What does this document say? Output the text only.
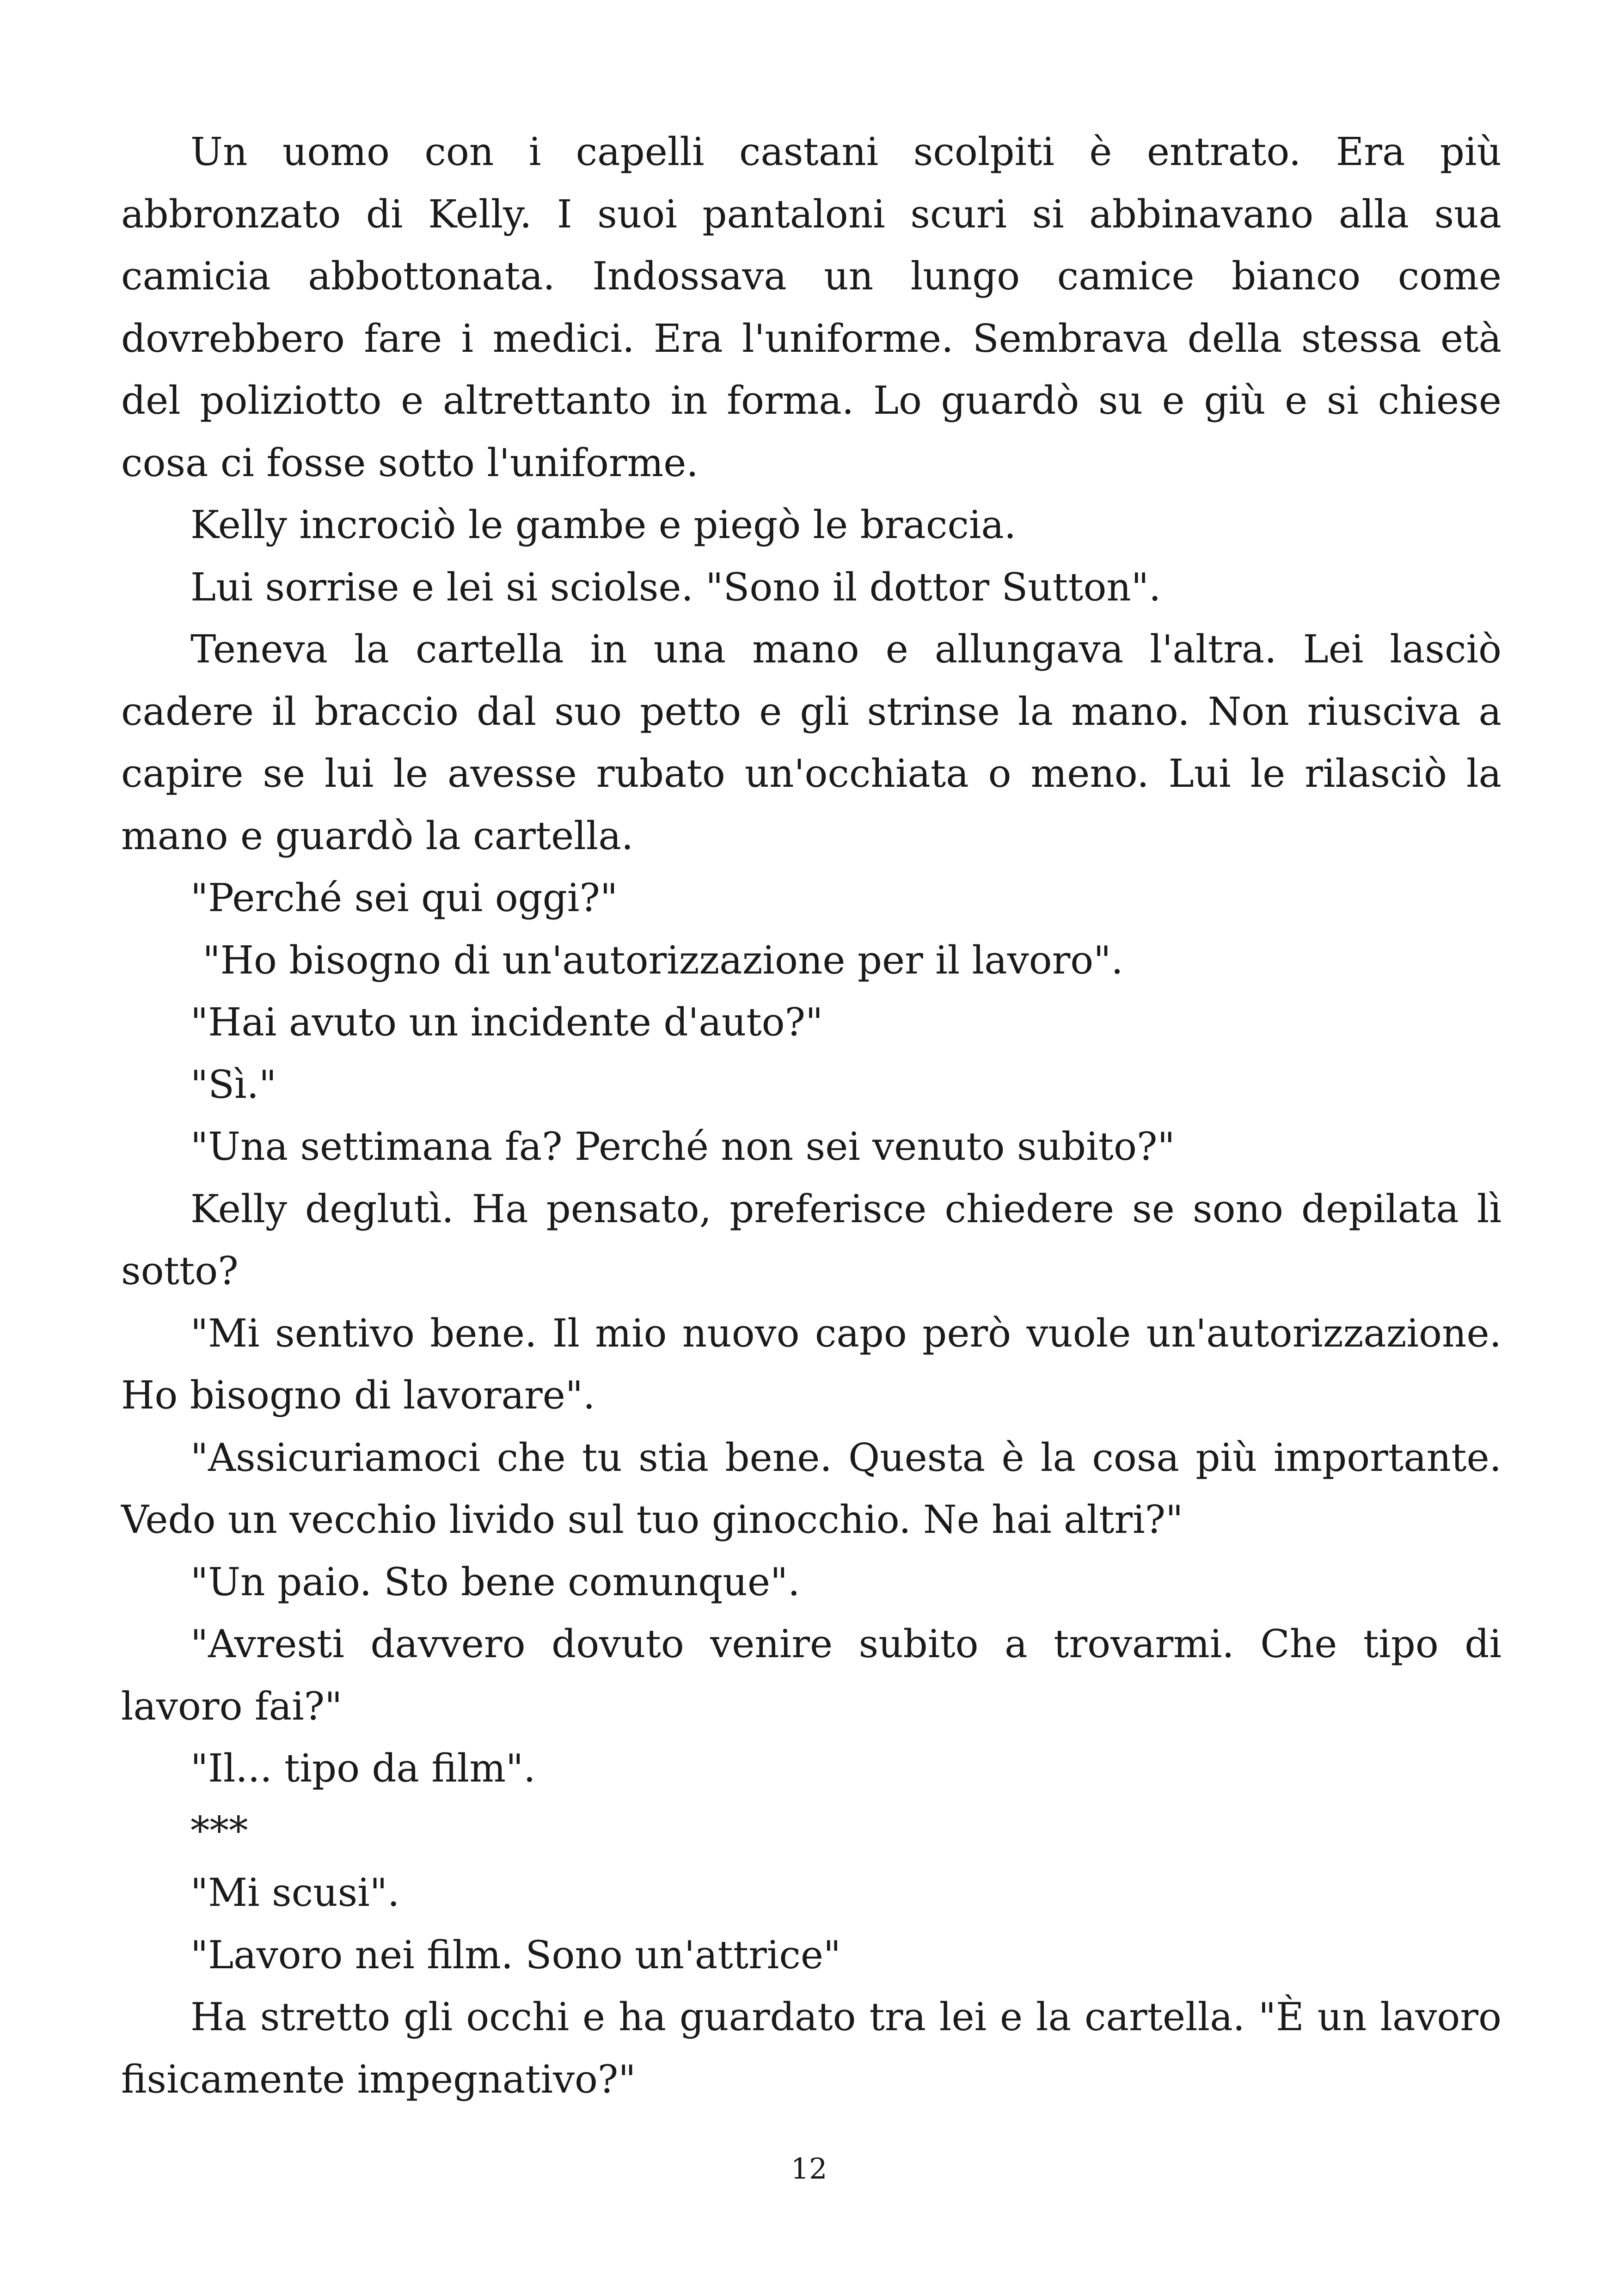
Un uomo con i capelli castani scolpiti è entrato. Era più abbronzato di Kelly. I suoi pantaloni scuri si abbinavano alla sua camicia abbottonata. Indossava un lungo camice bianco come dovrebbero fare i medici. Era l'uniforme. Sembrava della stessa età del poliziotto e altrettanto in forma. Lo guardò su e giù e si chiese cosa ci fosse sotto l'uniforme.

Kelly incrociò le gambe e piegò le braccia.

Lui sorrise e lei si sciolse. "Sono il dottor Sutton".

Teneva la cartella in una mano e allungava l'altra. Lei lasciò cadere il braccio dal suo petto e gli strinse la mano. Non riusciva a capire se lui le avesse rubato un'occhiata o meno. Lui le rilasciò la mano e guardò la cartella.

"Perché sei qui oggi?"

"Ho bisogno di un'autorizzazione per il lavoro".

"Hai avuto un incidente d'auto?"

"Sì."

"Una settimana fa? Perché non sei venuto subito?"

Kelly deglutì. Ha pensato, preferisce chiedere se sono depilata lì sotto?

"Mi sentivo bene. Il mio nuovo capo però vuole un'autorizzazione. Ho bisogno di lavorare".

"Assicuriamoci che tu stia bene. Questa è la cosa più importante. Vedo un vecchio livido sul tuo ginocchio. Ne hai altri?"

"Un paio. Sto bene comunque".

"Avresti davvero dovuto venire subito a trovarmi. Che tipo di lavoro fai?"

"Il... tipo da film".

***

"Mi scusi".

"Lavoro nei film. Sono un'attrice"

Ha stretto gli occhi e ha guardato tra lei e la cartella. "È un lavoro fisicamente impegnativo?"

12
